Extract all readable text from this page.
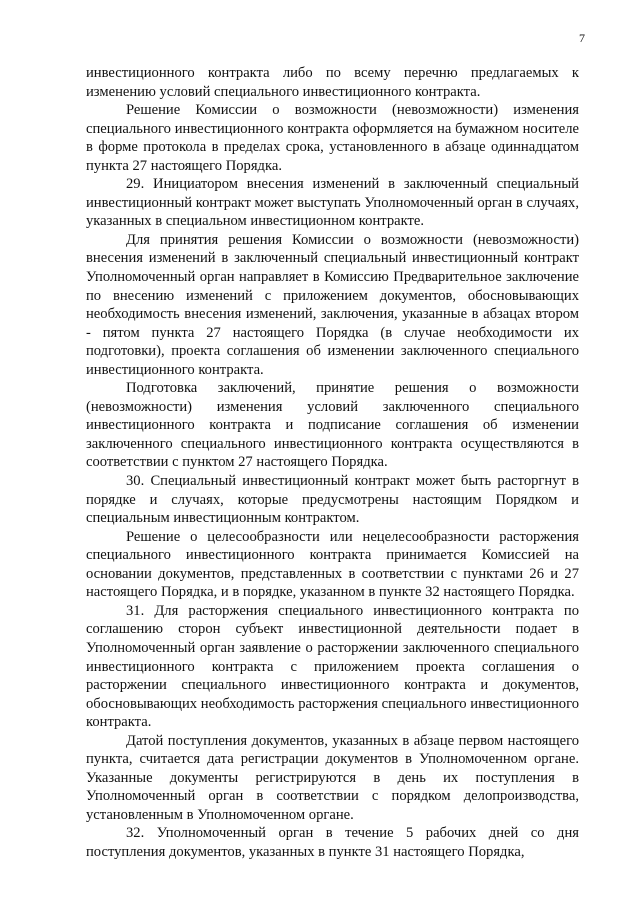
7

инвестиционного контракта либо по всему перечню предлагаемых к изменению условий специального инвестиционного контракта.

Решение Комиссии о возможности (невозможности) изменения специального инвестиционного контракта оформляется на бумажном носителе в форме протокола в пределах срока, установленного в абзаце одиннадцатом пункта 27 настоящего Порядка.

29. Инициатором внесения изменений в заключенный специальный инвестиционный контракт может выступать Уполномоченный орган в случаях, указанных в специальном инвестиционном контракте.

Для принятия решения Комиссии о возможности (невозможности) внесения изменений в заключенный специальный инвестиционный контракт Уполномоченный орган направляет в Комиссию Предварительное заключение по внесению изменений с приложением документов, обосновывающих необходимость внесения изменений, заключения, указанные в абзацах втором - пятом пункта 27 настоящего Порядка (в случае необходимости их подготовки), проекта соглашения об изменении заключенного специального инвестиционного контракта.

Подготовка заключений, принятие решения о возможности (невозможности) изменения условий заключенного специального инвестиционного контракта и подписание соглашения об изменении заключенного специального инвестиционного контракта осуществляются в соответствии с пунктом 27 настоящего Порядка.

30. Специальный инвестиционный контракт может быть расторгнут в порядке и случаях, которые предусмотрены настоящим Порядком и специальным инвестиционным контрактом.

Решение о целесообразности или нецелесообразности расторжения специального инвестиционного контракта принимается Комиссией на основании документов, представленных в соответствии с пунктами 26 и 27 настоящего Порядка, и в порядке, указанном в пункте 32 настоящего Порядка.

31. Для расторжения специального инвестиционного контракта по соглашению сторон субъект инвестиционной деятельности подает в Уполномоченный орган заявление о расторжении заключенного специального инвестиционного контракта с приложением проекта соглашения о расторжении специального инвестиционного контракта и документов, обосновывающих необходимость расторжения специального инвестиционного контракта.

Датой поступления документов, указанных в абзаце первом настоящего пункта, считается дата регистрации документов в Уполномоченном органе. Указанные документы регистрируются в день их поступления в Уполномоченный орган в соответствии с порядком делопроизводства, установленным в Уполномоченном органе.

32. Уполномоченный орган в течение 5 рабочих дней со дня поступления документов, указанных в пункте 31 настоящего Порядка,
